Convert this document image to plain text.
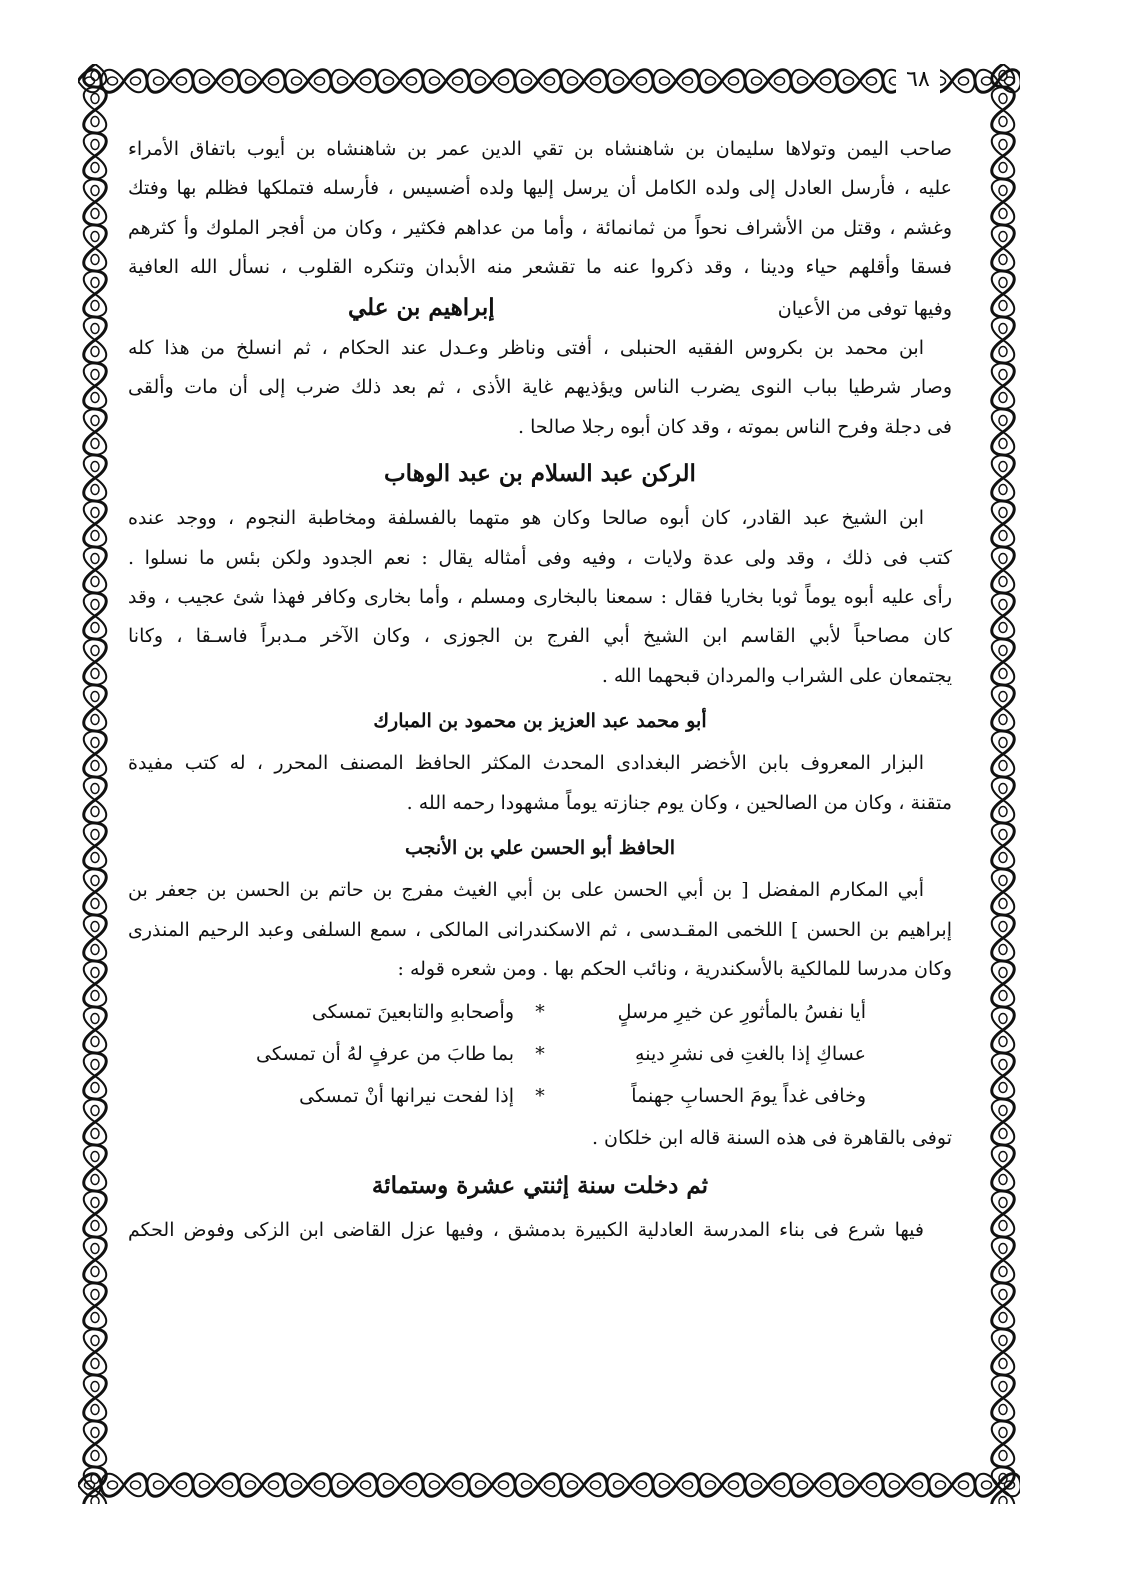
٦٨

صاحب اليمن وتولاها سليمان بن شاهنشاه بن تقي الدين عمر بن شاهنشاه بن أيوب باتفاق الأمراء

عليه ، فأرسل العادل إلى ولده الكامل أن يرسل إليها ولده أضسيس ، فأرسله فتملكها فظلم بها وفتك

وغشم ، وقتل من الأشراف نحواً من ثمانمائة ، وأما من عداهم فكثير ، وكان من أفجر الملوك وأ كثرهم

فسقا وأقلهم حياء ودينا ، وقد ذكروا عنه ما تقشعر منه الأبدان وتنكره القلوب ، نسأل الله العافية

وفيها توفى من الأعيان
إبراهيم بن علي

ابن محمد بن بكروس الفقيه الحنبلى ، أفتى وناظر وعـدل عند الحكام ، ثم انسلخ من هذا كله

وصار شرطيا بباب النوى يضرب الناس ويؤذيهم غاية الأذى ، ثم بعد ذلك ضرب إلى أن مات وألقى

فى دجلة وفرح الناس بموته ، وقد كان أبوه رجلا صالحا .

الركن عبد السلام بن عبد الوهاب

ابن الشيخ عبد القادر، كان أبوه صالحا وكان هو متهما بالفسلفة ومخاطبة النجوم ، ووجد عنده

كتب فى ذلك ، وقد ولى عدة ولايات ، وفيه وفى أمثاله يقال : نعم الجدود ولكن بئس ما نسلوا .

رأى عليه أبوه يوماً ثوبا بخاريا فقال : سمعنا بالبخارى ومسلم ، وأما بخارى وكافر فهذا شئ عجيب ، وقد

كان مصاحباً لأبي القاسم ابن الشيخ أبي الفرج بن الجوزى ، وكان الآخر مـدبراً فاسـقا ، وكانا

يجتمعان على الشراب والمردان قبحهما الله .

أبو محمد عبد العزيز بن محمود بن المبارك

البزار المعروف بابن الأخضر البغدادى المحدث المكثر الحافظ المصنف المحرر ، له كتب مفيدة

متقنة ، وكان من الصالحين ، وكان يوم جنازته يوماً مشهودا رحمه الله .

الحافظ أبو الحسن علي بن الأنجب

أبي المكارم المفضل [ بن أبي الحسن على بن أبي الغيث مفرج بن حاتم بن الحسن بن جعفر بن

إبراهيم بن الحسن ] اللخمى المقـدسى ، ثم الاسكندرانى المالكى ، سمع السلفى وعبد الرحيم المنذرى

وكان مدرسا للمالكية بالأسكندرية ، ونائب الحكم بها . ومن شعره قوله :

أيا نفسُ بالمأثورِ عن خيرِ مرسلٍ
*
وأصحابهِ والتابعينَ تمسكى
عساكِ إذا بالغتِ فى نشرِ دينهِ
*
بما طابَ من عرفٍ لهُ أن تمسكى
وخافى غداً يومَ الحسابِ جهنماً
*
إذا لفحت نيرانها أنْ تمسكى

توفى بالقاهرة فى هذه السنة قاله ابن خلكان .

ثم دخلت سنة إثنتي عشرة وستمائة

فيها شرع فى بناء المدرسة العادلية الكبيرة بدمشق ، وفيها عزل القاضى ابن الزكى وفوض الحكم
